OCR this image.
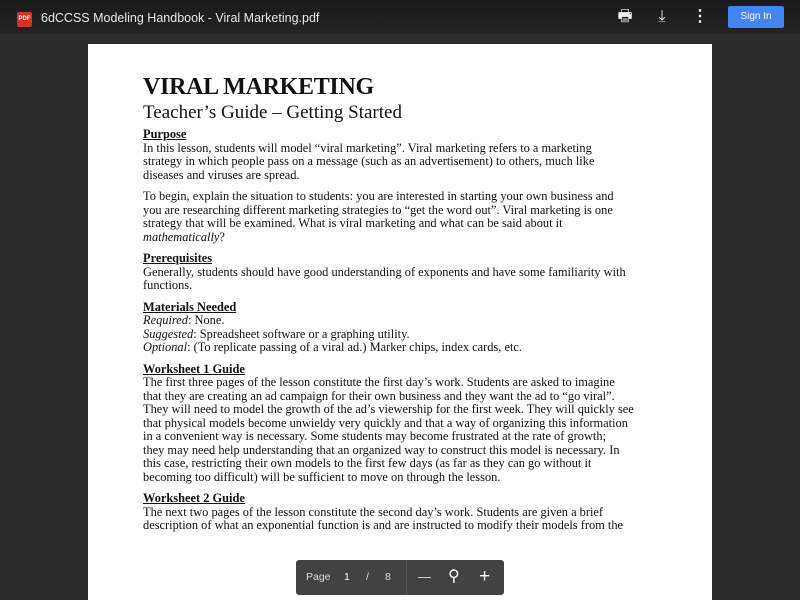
PDF 6dCCSS Modeling Handbook - Viral Marketing.pdf	🖶	⤓	⋮	Sign In
VIRAL MARKETING
Teacher’s Guide – Getting Started
Purpose
In this lesson, students will model “viral marketing”. Viral marketing refers to a marketing
strategy in which people pass on a message (such as an advertisement) to others, much like
diseases and viruses are spread.
To begin, explain the situation to students: you are interested in starting your own business and
you are researching different marketing strategies to “get the word out”. Viral marketing is one
strategy that will be examined. What is viral marketing and what can be said about it
mathematically?
Prerequisites
Generally, students should have good understanding of exponents and have some familiarity with
functions.
Materials Needed
Required: None.
Suggested: Spreadsheet software or a graphing utility.
Optional: (To replicate passing of a viral ad.) Marker chips, index cards, etc.
Worksheet 1 Guide
The first three pages of the lesson constitute the first day’s work. Students are asked to imagine
that they are creating an ad campaign for their own business and they want the ad to “go viral”.
They will need to model the growth of the ad’s viewership for the first week. They will quickly see
that physical models become unwieldy very quickly and that a way of organizing this information
in a convenient way is necessary. Some students may become frustrated at the rate of growth;
they may need help understanding that an organized way to construct this model is necessary. In
this case, restricting their own models to the first few days (as far as they can go without it
becoming too difficult) will be sufficient to move on through the lesson.
Worksheet 2 Guide
The next two pages of the lesson constitute the second day’s work. Students are given a brief
description of what an exponential function is and are instructed to modify their models from the
Page 1 / 8 — ⚲ +
